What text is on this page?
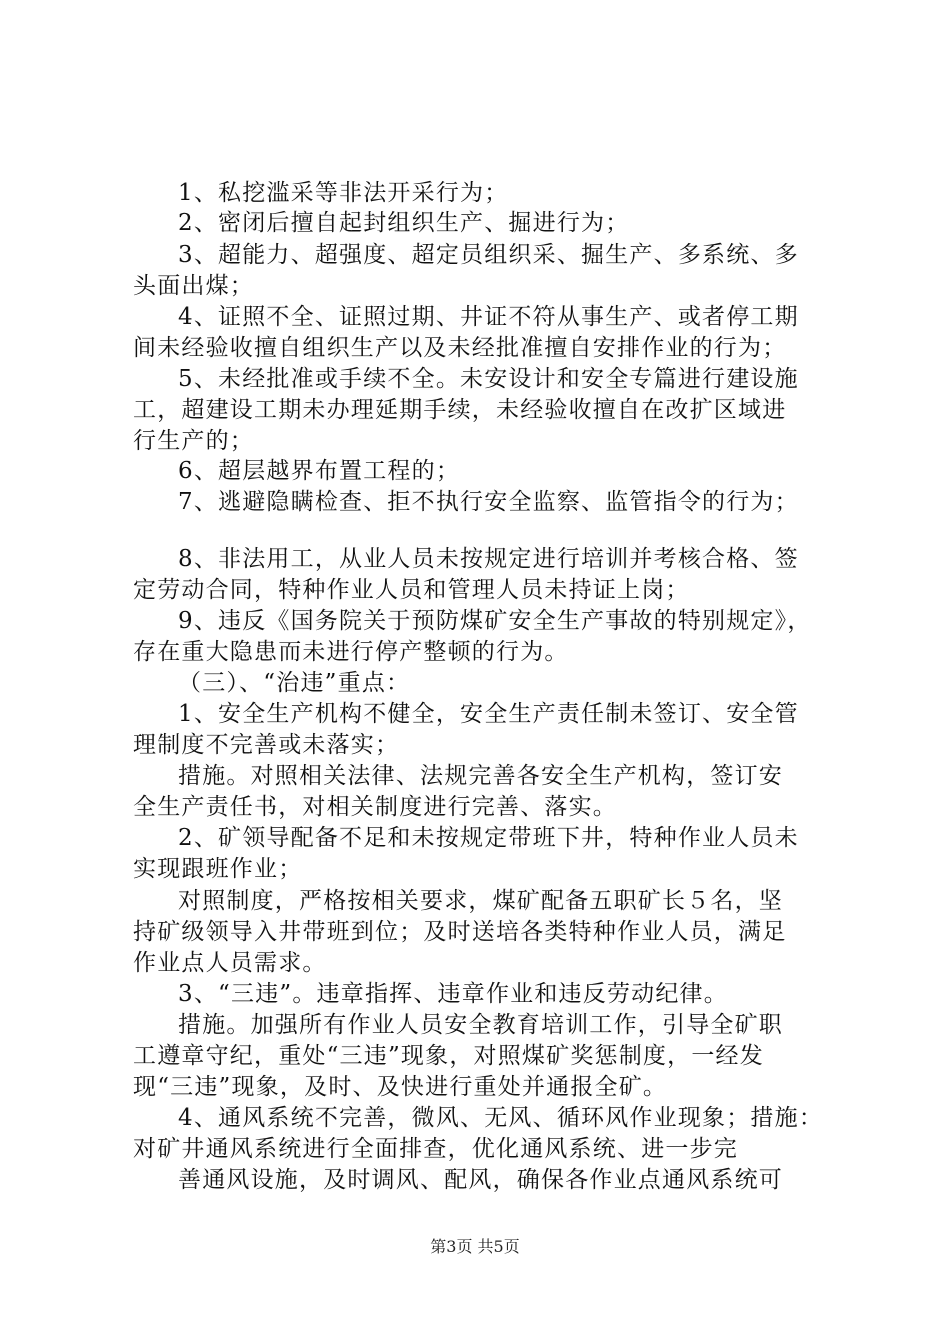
1、私挖滥采等非法开采行为；
2、密闭后擅自起封组织生产、掘进行为；
3、超能力、超强度、超定员组织采、掘生产、多系统、多
头面出煤；
4、证照不全、证照过期、井证不符从事生产、或者停工期
间未经验收擅自组织生产以及未经批准擅自安排作业的行为；
5、未经批准或手续不全。未安设计和安全专篇进行建设施
工，超建设工期未办理延期手续，未经验收擅自在改扩区域进
行生产的；
6、超层越界布置工程的；
7、逃避隐瞒检查、拒不执行安全监察、监管指令的行为；
8、非法用工，从业人员未按规定进行培训并考核合格、签
定劳动合同，特种作业人员和管理人员未持证上岗；
9、违反《国务院关于预防煤矿安全生产事故的特别规定》，
存在重大隐患而未进行停产整顿的行为。
（三）、“治违”重点：
1、安全生产机构不健全，安全生产责任制未签订、安全管
理制度不完善或未落实；
措施。对照相关法律、法规完善各安全生产机构，签订安
全生产责任书，对相关制度进行完善、落实。
2、矿领导配备不足和未按规定带班下井，特种作业人员未
实现跟班作业；
对照制度，严格按相关要求，煤矿配备五职矿长５名，坚
持矿级领导入井带班到位；及时送培各类特种作业人员，满足
作业点人员需求。
3、“三违”。违章指挥、违章作业和违反劳动纪律。
措施。加强所有作业人员安全教育培训工作，引导全矿职
工遵章守纪，重处“三违”现象，对照煤矿奖惩制度，一经发
现“三违”现象，及时、及快进行重处并通报全矿。
4、通风系统不完善，微风、无风、循环风作业现象；措施：
对矿井通风系统进行全面排查，优化通风系统、进一步完
善通风设施，及时调风、配风，确保各作业点通风系统可
第3页 共5页
